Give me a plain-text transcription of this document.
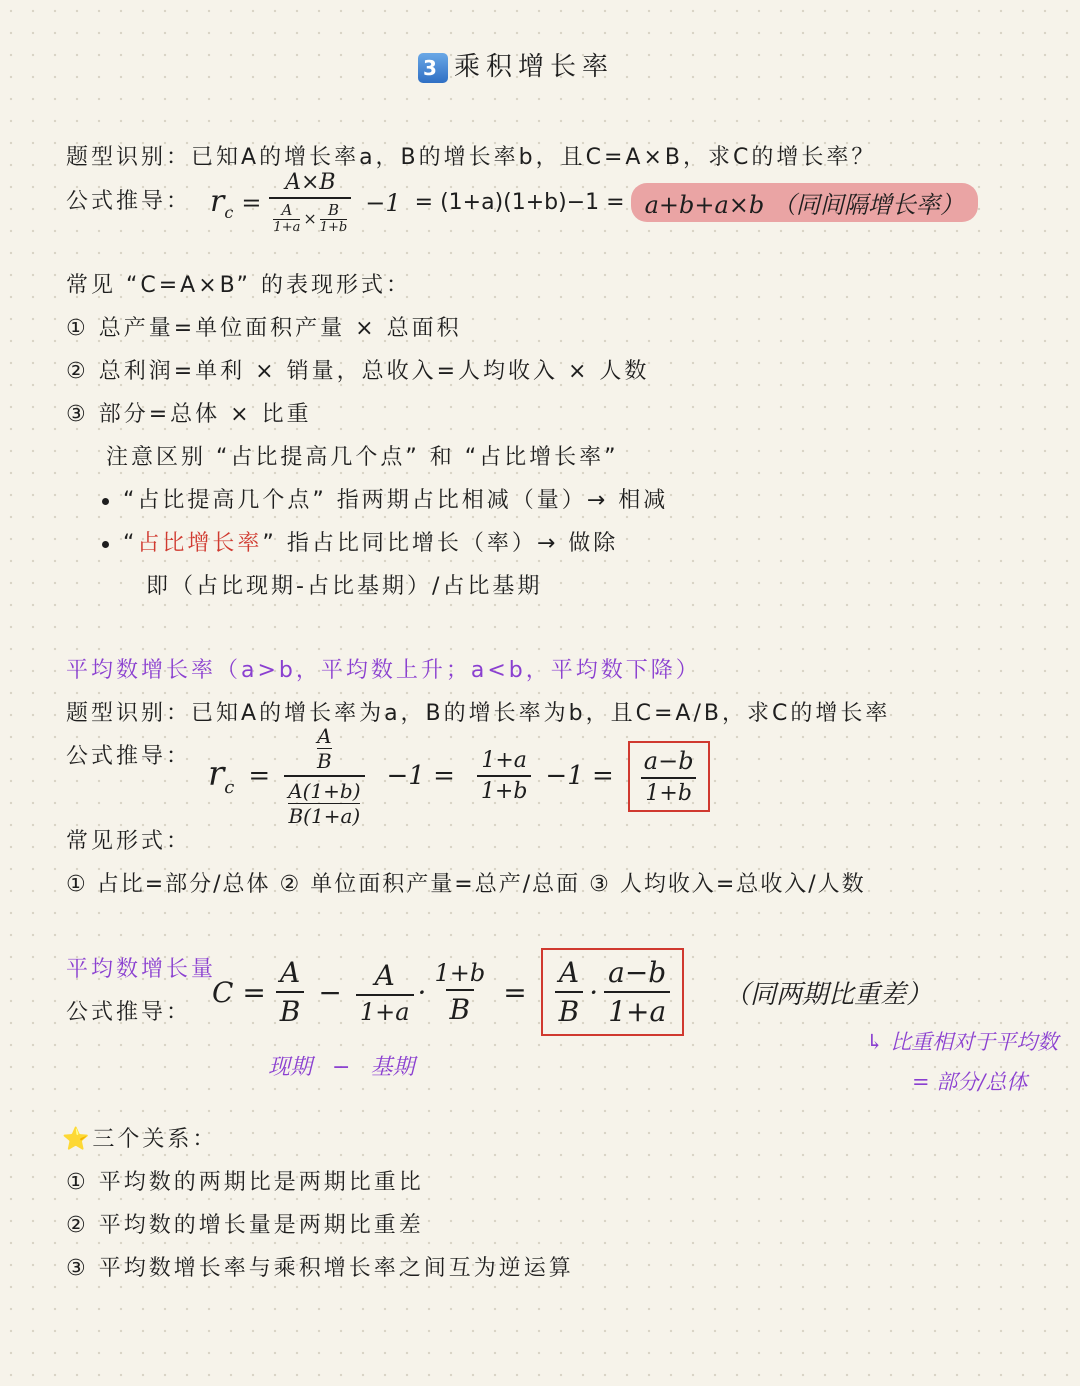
3 乘积增长率
题型识别：已知A的增长率a，B的增长率b，且C=A×B，求C的增长率？
公式推导： $r_c = \frac{A\times B}{\frac{A}{1+a} \times \frac{B}{1+b}} -1 = (1+a)(1+b)-1 = a+b+a\times b$ （同间隔增长率）
常见 “C=A×B” 的表现形式：
① 总产量=单位面积产量 × 总面积
② 总利润=单利 × 销量，总收入=人均收入 × 人数
③ 部分=总体 × 比重
注意区别 “占比提高几个点” 和 “占比增长率”
“占比提高几个点” 指两期占比相减（量）→ 相减
“占比增长率” 指占比同比增长（率）→ 做除
即（占比现期-占比基期）/占比基期
平均数增长率（a>b，平均数上升；a<b，平均数下降）
题型识别：已知A的增长率为a，B的增长率为b，且C=A/B，求C的增长率
公式推导： $r_c = \frac{\frac{A}{B}}{\frac{A(1+b)}{B(1+a)}} -1 = \frac{1+a}{1+b} -1 = \frac{a-b}{1+b}$
常见形式：
① 占比=部分/总体 ② 单位面积产量=总产/总面 ③ 人均收入=总收入/人数
平均数增长量
公式推导：
$C = \frac{A}{B} - \frac{A}{1+a} \cdot \frac{1+b}{B} = \frac{A}{B} \cdot \frac{a-b}{1+a}$ （同两期比重差）
↳ 比重相对于平均数
= 部分/总体
现期 − 基期
⭐三个关系：
① 平均数的两期比是两期比重比
② 平均数的增长量是两期比重差
③ 平均数增长率与乘积增长率之间互为逆运算
